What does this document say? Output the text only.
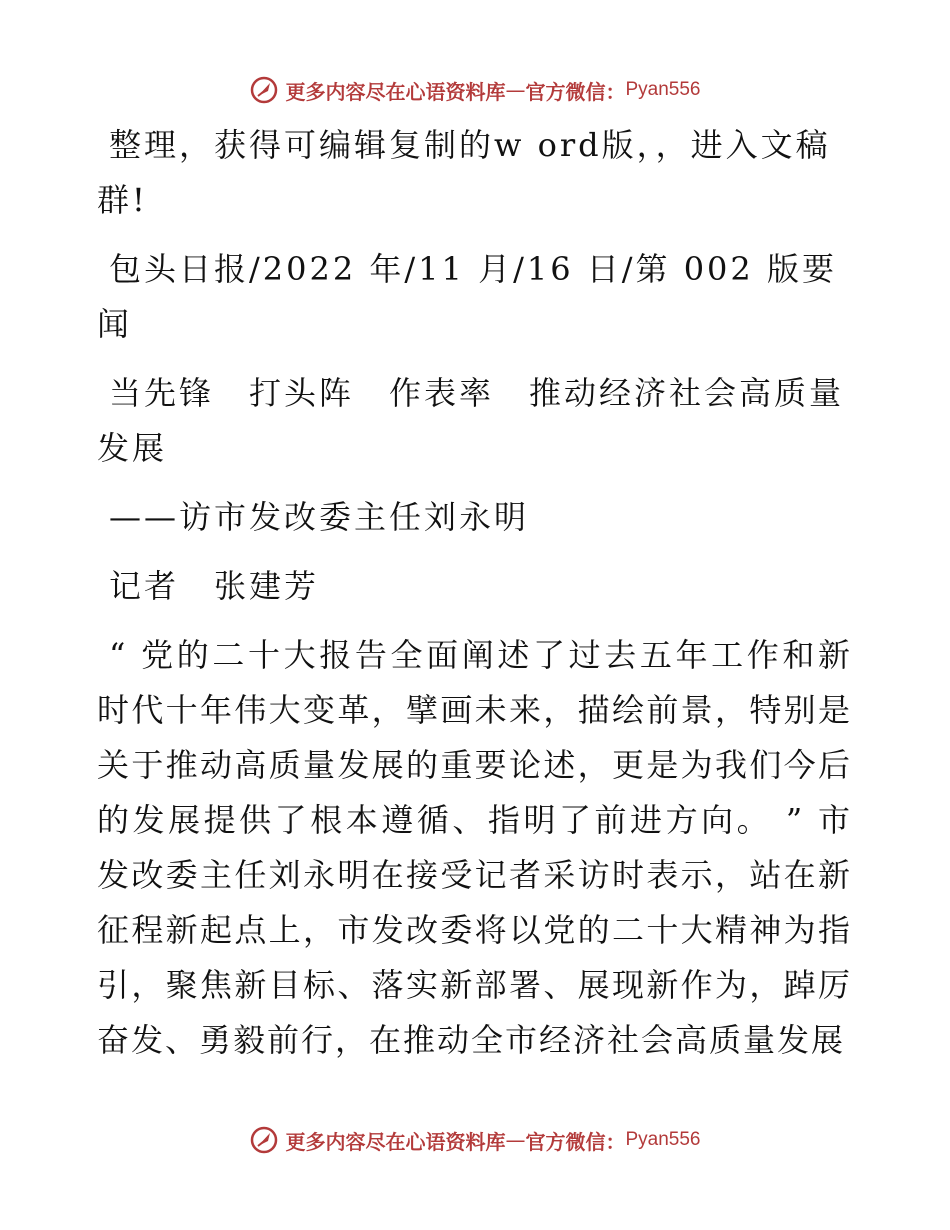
更多内容尽在心语资料库 — 官方微信： Pyan556

整理，获得可编辑复制的w ord版，，进入文稿群!

包头日报/2022 年/11 月/16 日/第 002 版要闻

当先锋　打头阵　作表率　推动经济社会高质量发展

——访市发改委主任刘永明

记者　张建芳

“ 党的二十大报告全面阐述了过去五年工作和新时代十年伟大变革，擘画未来，描绘前景，特别是关于推动高质量发展的重要论述，更是为我们今后的发展提供了根本遵循、指明了前进方向。 ” 市发改委主任刘永明在接受记者采访时表示，站在新征程新起点上，市发改委将以党的二十大精神为指引，聚焦新目标、落实新部署、展现新作为，踔厉奋发、勇毅前行，在推动全市经济社会高质量发展

更多内容尽在心语资料库 — 官方微信： Pyan556
